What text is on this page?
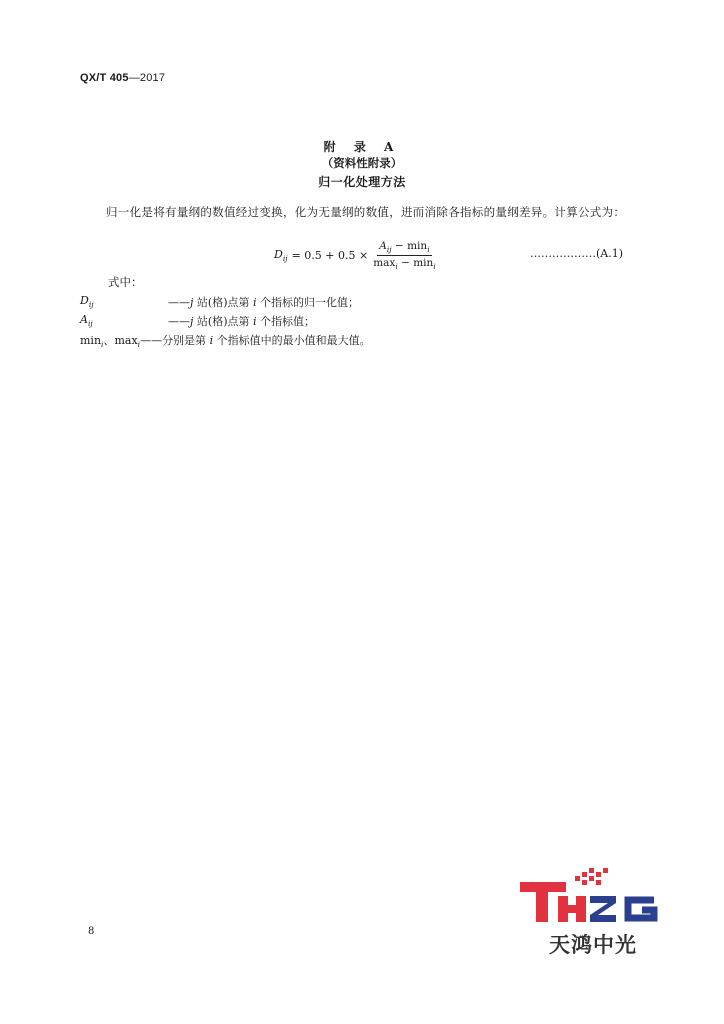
QX/T 405—2017
附 录 A
（资料性附录）
归一化处理方法
归一化是将有量纲的数值经过变换，化为无量纲的数值，进而消除各指标的量纲差异。计算公式为：
$D_{ij} = 0.5 + 0.5 \times \frac{A_{ij} - \min_i}{\max_i - \min_i}$	………………(A.1)
式中：
$D_{ij}$	——j 站(格)点第 i 个指标的归一化值；
$A_{ij}$	——j 站(格)点第 i 个指标值；
$\min_i$、$\max_i$ ——分别是第 i 个指标值中的最小值和最大值。
8
天鸿中光
